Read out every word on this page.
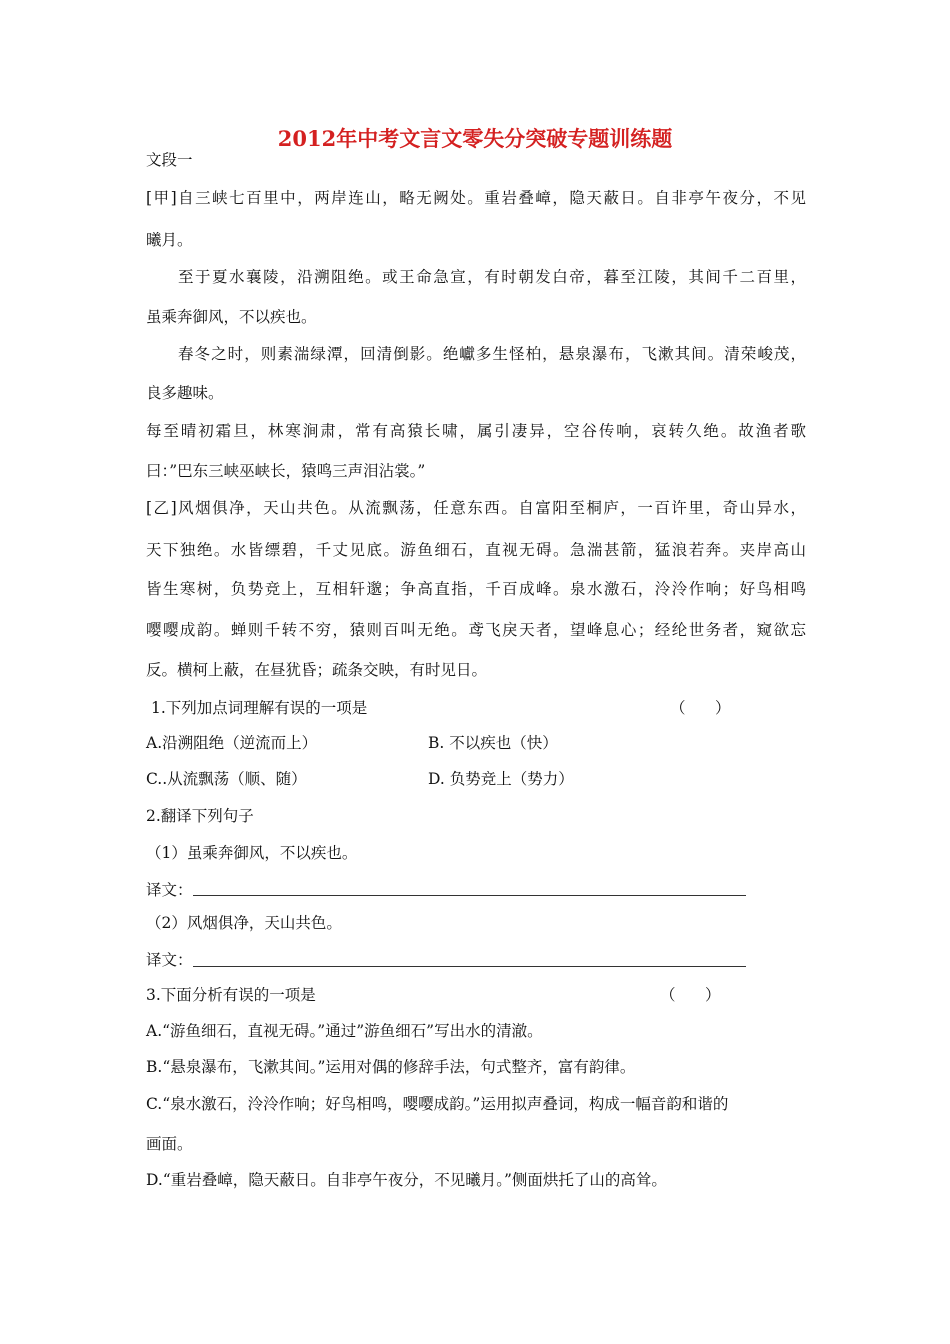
2012年中考文言文零失分突破专题训练题
文段一
[甲]自三峡七百里中，两岸连山，略无阙处。重岩叠嶂，隐天蔽日。自非亭午夜分，不见
曦月。
至于夏水襄陵，沿溯阻绝。或王命急宣，有时朝发白帝，暮至江陵，其间千二百里，
虽乘奔御风，不以疾也。
春冬之时，则素湍绿潭，回清倒影。绝巘多生怪柏，悬泉瀑布，飞漱其间。清荣峻茂，
良多趣味。
每至晴初霜旦，林寒涧肃，常有高猿长啸，属引凄异，空谷传响，哀转久绝。故渔者歌
曰：”巴东三峡巫峡长，猿鸣三声泪沾裳。”
[乙]风烟俱净，天山共色。从流飘荡，任意东西。自富阳至桐庐，一百许里，奇山异水，
天下独绝。水皆缥碧，千丈见底。游鱼细石，直视无碍。急湍甚箭，猛浪若奔。夹岸高山
皆生寒树，负势竞上，互相轩邈；争高直指，千百成峰。泉水激石，泠泠作响；好鸟相鸣
嘤嘤成韵。蝉则千转不穷，猿则百叫无绝。鸢飞戾天者，望峰息心；经纶世务者，窥欲忘
反。横柯上蔽，在昼犹昏；疏条交映，有时见日。
1.下列加点词理解有误的一项是	（      ）
A.沿溯阻绝（逆流而上）	B. 不以疾也（快）
C..从流飘荡（顺、随）	D. 负势竞上（势力）
2.翻译下列句子
（1）虽乘奔御风，不以疾也。
译文：
（2）风烟俱净，天山共色。
译文：
3.下面分析有误的一项是	（      ）
A.“游鱼细石，直视无碍。”通过”游鱼细石”写出水的清澈。
B.“悬泉瀑布，飞漱其间。”运用对偶的修辞手法，句式整齐，富有韵律。
C.“泉水激石，泠泠作响；好鸟相鸣，嘤嘤成韵。”运用拟声叠词，构成一幅音韵和谐的
画面。
D.“重岩叠嶂，隐天蔽日。自非亭午夜分，不见曦月。”侧面烘托了山的高耸。
